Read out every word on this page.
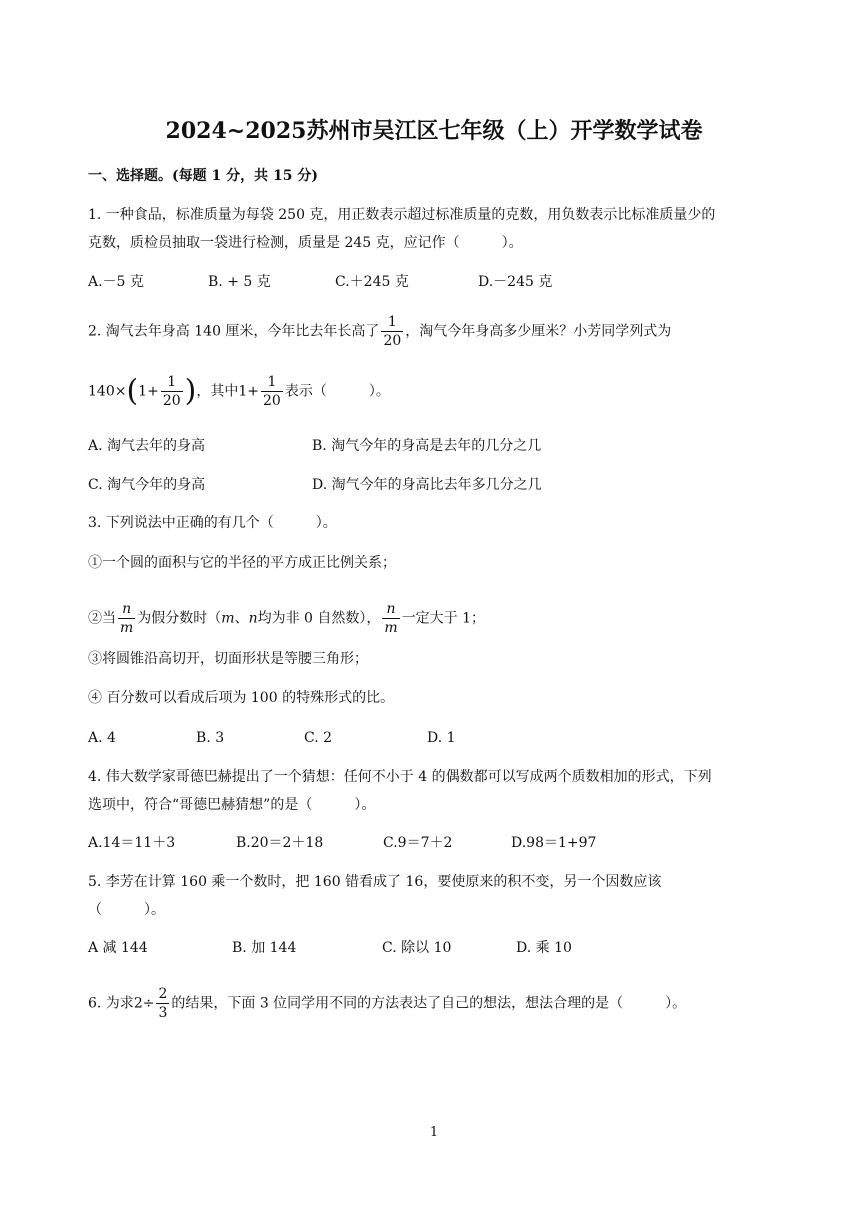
2024~2025苏州市吴江区七年级（上）开学数学试卷
一、选择题。(每题 1 分，共 15 分)
1. 一种食品，标准质量为每袋 250 克，用正数表示超过标准质量的克数，用负数表示比标准质量少的
克数，质检员抽取一袋进行检测，质量是 245 克，应记作（　　　）。
A.－5 克	B. + 5 克	C.＋245 克	D.－245 克
2. 淘气去年身高 140 厘米，今年比去年长高了 $\frac{1}{20}$ ，淘气今年身高多少厘米？小芳同学列式为
$140\times(1+ \frac{1}{20}$ )，其中$1+ \frac{1}{20}$ 表示（　　　）。
A. 淘气去年的身高	B. 淘气今年的身高是去年的几分之几
C. 淘气今年的身高	D. 淘气今年的身高比去年多几分之几
3. 下列说法中正确的有几个（　　　）。
①一个圆的面积与它的半径的平方成正比例关系；
②当 $\frac{n}{m}$ 为假分数时（m、n均为非 0 自然数）， $\frac{n}{m}$ 一定大于 1；
③将圆锥沿高切开，切面形状是等腰三角形；
④ 百分数可以看成后项为 100 的特殊形式的比。
A. 4	B. 3	C. 2	D. 1
4. 伟大数学家哥德巴赫提出了一个猜想：任何不小于 4 的偶数都可以写成两个质数相加的形式，下列
选项中，符合“哥德巴赫猜想”的是（　　　）。
A.14＝11＋3	B.20＝2＋18	C.9＝7＋2	D.98＝1+97
5. 李芳在计算 160 乘一个数时，把 160 错看成了 16，要使原来的积不变，另一个因数应该
（　　　）。
A 减 144	B. 加 144	C. 除以 10	D. 乘 10
6. 为求$2\div \frac{2}{3}$ 的结果，下面 3 位同学用不同的方法表达了自己的想法，想法合理的是（　　　）。
1
